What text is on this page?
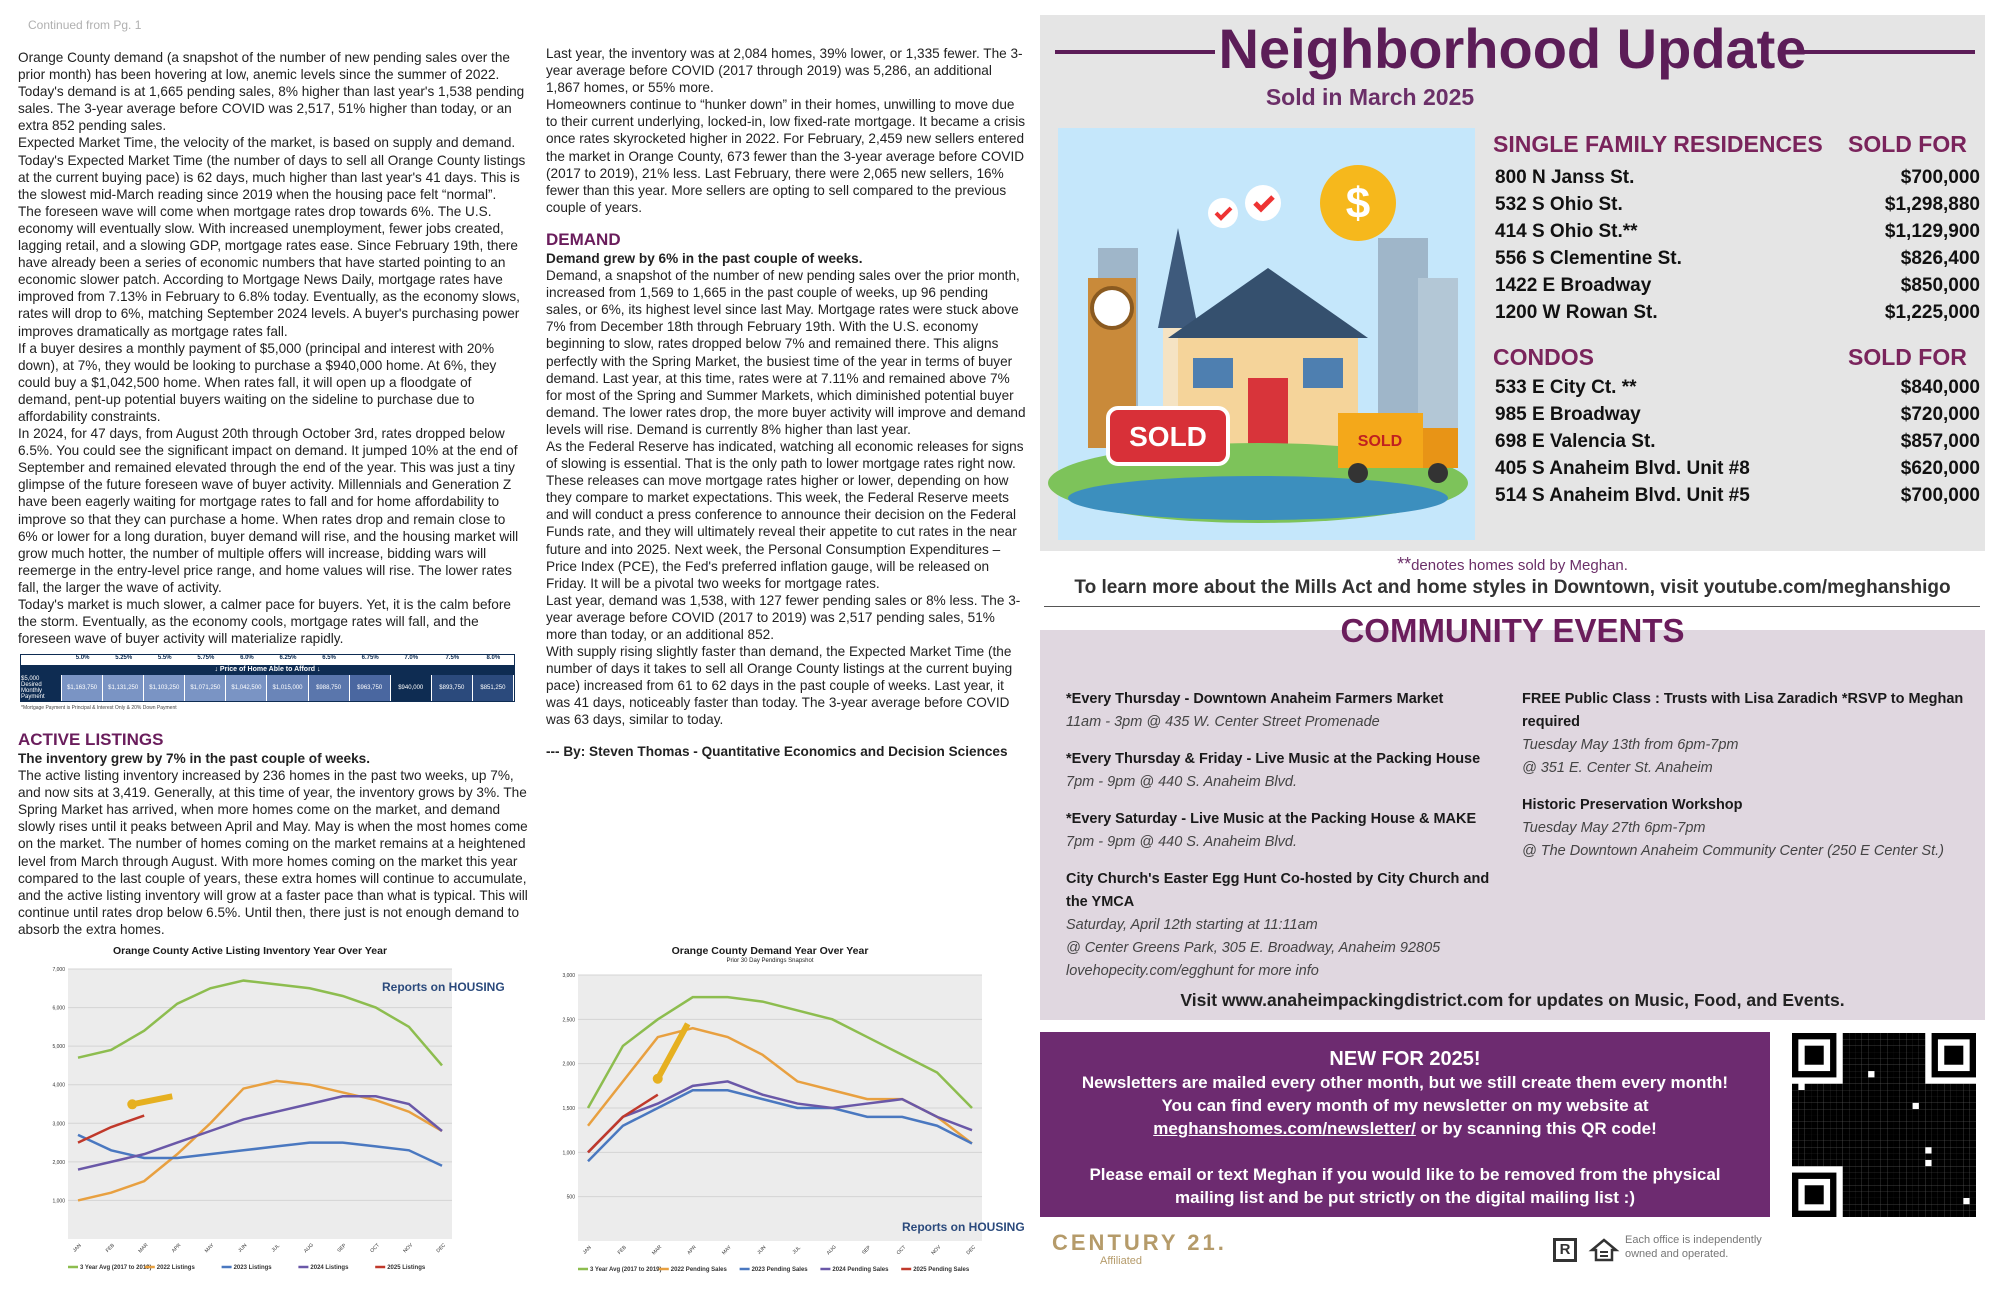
Continued from Pg. 1

Orange County demand (a snapshot of the number of new pending sales over the prior month) has been hovering at low, anemic levels since the summer of 2022. Today's demand is at 1,665 pending sales, 8% higher than last year's 1,538 pending sales. The 3-year average before COVID was 2,517, 51% higher than today, or an extra 852 pending sales.

Expected Market Time, the velocity of the market, is based on supply and demand. Today's Expected Market Time (the number of days to sell all Orange County listings at the current buying pace) is 62 days, much higher than last year's 41 days. This is the slowest mid-March reading since 2019 when the housing pace felt “normal”.

The foreseen wave will come when mortgage rates drop towards 6%. The U.S. economy will eventually slow. With increased unemployment, fewer jobs created, lagging retail, and a slowing GDP, mortgage rates ease. Since February 19th, there have already been a series of economic numbers that have started pointing to an economic slower patch. According to Mortgage News Daily, mortgage rates have improved from 7.13% in February to 6.8% today. Eventually, as the economy slows, rates will drop to 6%, matching September 2024 levels. A buyer's purchasing power improves dramatically as mortgage rates fall.

If a buyer desires a monthly payment of $5,000 (principal and interest with 20% down), at 7%, they would be looking to purchase a $940,000 home. At 6%, they could buy a $1,042,500 home. When rates fall, it will open up a floodgate of demand, pent-up potential buyers waiting on the sideline to purchase due to affordability constraints.

In 2024, for 47 days, from August 20th through October 3rd, rates dropped below 6.5%. You could see the significant impact on demand. It jumped 10% at the end of September and remained elevated through the end of the year. This was just a tiny glimpse of the future foreseen wave of buyer activity. Millennials and Generation Z have been eagerly waiting for mortgage rates to fall and for home affordability to improve so that they can purchase a home. When rates drop and remain close to 6% or lower for a long duration, buyer demand will rise, and the housing market will grow much hotter, the number of multiple offers will increase, bidding wars will reemerge in the entry-level price range, and home values will rise. The lower rates fall, the larger the wave of activity.

Today's market is much slower, a calmer pace for buyers. Yet, it is the calm before the storm. Eventually, as the economy cools, mortgage rates will fall, and the foreseen wave of buyer activity will materialize rapidly.

5.0%	5.25%	5.5%	5.75%	6.0%	6.25%	6.5%	6.75%	7.0%	7.5%	8.0%
↓ Price of Home Able to Afford ↓
$5,000 Desired Monthly Payment
$1,163,750	$1,131,250	$1,103,250	$1,071,250	$1,042,500	$1,015,000	$988,750	$963,750	$940,000	$893,750	$851,250
*Mortgage Payment is Principal & Interest Only & 20% Down Payment
ACTIVE LISTINGS

The inventory grew by 7% in the past couple of weeks.

The active listing inventory increased by 236 homes in the past two weeks, up 7%, and now sits at 3,419. Generally, at this time of year, the inventory grows by 3%. The Spring Market has arrived, when more homes come on the market, and demand slowly rises until it peaks between April and May. May is when the most homes come on the market. The number of homes coming on the market remains at a heightened level from March through August. With more homes coming on the market this year compared to the last couple of years, these extra homes will continue to accumulate, and the active listing inventory will grow at a faster pace than what is typical. This will continue until rates drop below 6.5%. Until then, there just is not enough demand to absorb the extra homes.

Last year, the inventory was at 2,084 homes, 39% lower, or 1,335 fewer. The 3-year average before COVID (2017 through 2019) was 5,286, an additional 1,867 homes, or 55% more.

Homeowners continue to “hunker down” in their homes, unwilling to move due to their current underlying, locked-in, low fixed-rate mortgage. It became a crisis once rates skyrocketed higher in 2022. For February, 2,459 new sellers entered the market in Orange County, 673 fewer than the 3-year average before COVID (2017 to 2019), 21% less. Last February, there were 2,065 new sellers, 16% fewer than this year. More sellers are opting to sell compared to the previous couple of years.

DEMAND

Demand grew by 6% in the past couple of weeks.

Demand, a snapshot of the number of new pending sales over the prior month, increased from 1,569 to 1,665 in the past couple of weeks, up 96 pending sales, or 6%, its highest level since last May. Mortgage rates were stuck above 7% from December 18th through February 19th. With the U.S. economy beginning to slow, rates dropped below 7% and remained there. This aligns perfectly with the Spring Market, the busiest time of the year in terms of buyer demand. Last year, at this time, rates were at 7.11% and remained above 7% for most of the Spring and Summer Markets, which diminished potential buyer demand. The lower rates drop, the more buyer activity will improve and demand levels will rise. Demand is currently 8% higher than last year.

As the Federal Reserve has indicated, watching all economic releases for signs of slowing is essential. That is the only path to lower mortgage rates right now. These releases can move mortgage rates higher or lower, depending on how they compare to market expectations. This week, the Federal Reserve meets and will conduct a press conference to announce their decision on the Federal Funds rate, and they will ultimately reveal their appetite to cut rates in the near future and into 2025. Next week, the Personal Consumption Expenditures – Price Index (PCE), the Fed's preferred inflation gauge, will be released on Friday. It will be a pivotal two weeks for mortgage rates.

Last year, demand was 1,538, with 127 fewer pending sales or 8% less. The 3-year average before COVID (2017 to 2019) was 2,517 pending sales, 51% more than today, or an additional 852.

With supply rising slightly faster than demand, the Expected Market Time (the number of days it takes to sell all Orange County listings at the current buying pace) increased from 61 to 62 days in the past couple of weeks. Last year, it was 41 days, noticeably faster than today. The 3-year average before COVID was 63 days, similar to today.

--- By: Steven Thomas - Quantitative Economics and Decision Sciences

Orange County Active Listing Inventory Year Over Year
1,000
2,000
3,000
4,000
5,000
6,000
7,000
JAN	FEB	MAR	APR	MAY	JUN	JUL	AUG	SEP	OCT	NOV	DEC
3 Year Avg (2017 to 2019) 2022 Listings	2023 Listings	2024 Listings	2025 Listings
Reports on HOUSING
Orange County Demand Year Over Year
Prior 30 Day Pendings Snapshot
500
1,000
1,500
2,000
2,500
3,000
JAN	FEB	MAR	APR	MAY	JUN	JUL	AUG	SEP	OCT	NOV	DEC
3 Year Avg (2017 to 2019) 2022 Pending Sales	2023 Pending Sales	2024 Pending Sales	2025 Pending Sales
Reports on HOUSING
Neighborhood Update
Sold in March 2025
$
SOLD	SOLD
SINGLE FAMILY RESIDENCES SOLD FOR
800 N Janss St.	$700,000
532 S Ohio St.	$1,298,880
414 S Ohio St.**	$1,129,900
556 S Clementine St.	$826,400
1422 E Broadway	$850,000
1200 W Rowan St.	$1,225,000
CONDOS	SOLD FOR
533 E City Ct. **	$840,000
985 E Broadway	$720,000
698 E Valencia St.	$857,000
405 S Anaheim Blvd. Unit #8	$620,000
514 S Anaheim Blvd. Unit #5	$700,000
**denotes homes sold by Meghan.
To learn more about the Mills Act and home styles in Downtown, visit youtube.com/meghanshigo
COMMUNITY EVENTS
*Every Thursday - Downtown Anaheim Farmers Market
11am - 3pm @ 435 W. Center Street Promenade
*Every Thursday & Friday - Live Music at the Packing House
7pm - 9pm @ 440 S. Anaheim Blvd.
*Every Saturday - Live Music at the Packing House & MAKE
7pm - 9pm @ 440 S. Anaheim Blvd.
City Church's Easter Egg Hunt Co-hosted by City Church and the YMCA
Saturday, April 12th starting at 11:11am
@ Center Greens Park, 305 E. Broadway, Anaheim 92805
lovehopecity.com/egghunt for more info
FREE Public Class : Trusts with Lisa Zaradich *RSVP to Meghan required
Tuesday May 13th from 6pm-7pm
@ 351 E. Center St. Anaheim
Historic Preservation Workshop
Tuesday May 27th 6pm-7pm
@ The Downtown Anaheim Community Center (250 E Center St.)
Visit www.anaheimpackingdistrict.com for updates on Music, Food, and Events.
NEW FOR 2025!
Newsletters are mailed every other month, but we still create them every month!
You can find every month of my newsletter on my website at
meghanshomes.com/newsletter/ or by scanning this QR code!
Please email or text Meghan if you would like to be removed from the physical
mailing list and be put strictly on the digital mailing list :)
CENTURY 21.
Affiliated
R
Each office is independently owned and operated.
